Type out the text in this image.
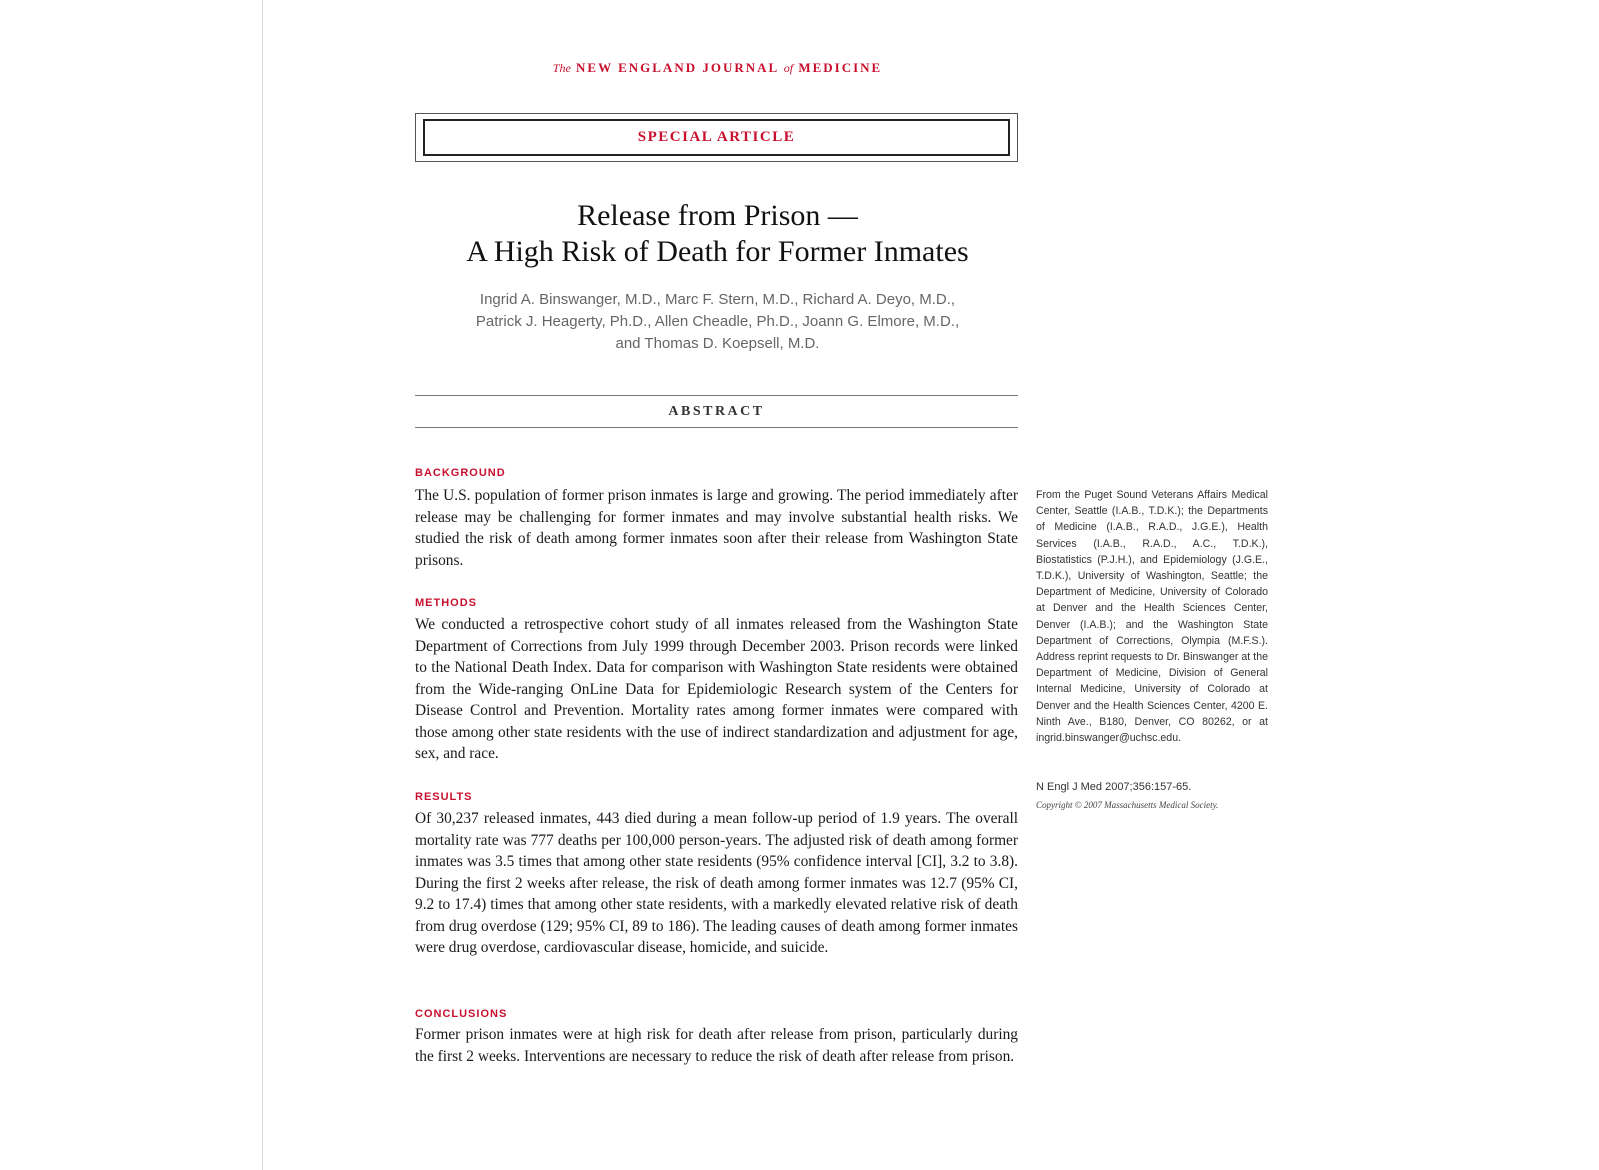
The NEW ENGLAND JOURNAL of MEDICINE
SPECIAL ARTICLE
Release from Prison —
A High Risk of Death for Former Inmates
Ingrid A. Binswanger, M.D., Marc F. Stern, M.D., Richard A. Deyo, M.D.,
Patrick J. Heagerty, Ph.D., Allen Cheadle, Ph.D., Joann G. Elmore, M.D.,
and Thomas D. Koepsell, M.D.
ABSTRACT
BACKGROUND
The U.S. population of former prison inmates is large and growing. The period immediately after release may be challenging for former inmates and may involve substantial health risks. We studied the risk of death among former inmates soon after their release from Washington State prisons.
METHODS
We conducted a retrospective cohort study of all inmates released from the Washington State Department of Corrections from July 1999 through December 2003. Prison records were linked to the National Death Index. Data for comparison with Washington State residents were obtained from the Wide-ranging OnLine Data for Epidemiologic Research system of the Centers for Disease Control and Prevention. Mortality rates among former inmates were compared with those among other state residents with the use of indirect standardization and adjustment for age, sex, and race.
RESULTS
Of 30,237 released inmates, 443 died during a mean follow-up period of 1.9 years. The overall mortality rate was 777 deaths per 100,000 person-years. The adjusted risk of death among former inmates was 3.5 times that among other state residents (95% confidence interval [CI], 3.2 to 3.8). During the first 2 weeks after release, the risk of death among former inmates was 12.7 (95% CI, 9.2 to 17.4) times that among other state residents, with a markedly elevated relative risk of death from drug overdose (129; 95% CI, 89 to 186). The leading causes of death among former inmates were drug overdose, cardiovascular disease, homicide, and suicide.
CONCLUSIONS
Former prison inmates were at high risk for death after release from prison, particularly during the first 2 weeks. Interventions are necessary to reduce the risk of death after release from prison.
From the Puget Sound Veterans Affairs Medical Center, Seattle (I.A.B., T.D.K.); the Departments of Medicine (I.A.B., R.A.D., J.G.E.), Health Services (I.A.B., R.A.D., A.C., T.D.K.), Biostatistics (P.J.H.), and Epidemiology (J.G.E., T.D.K.), University of Washington, Seattle; the Department of Medicine, University of Colorado at Denver and the Health Sciences Center, Denver (I.A.B.); and the Washington State Department of Corrections, Olympia (M.F.S.). Address reprint requests to Dr. Binswanger at the Department of Medicine, Division of General Internal Medicine, University of Colorado at Denver and the Health Sciences Center, 4200 E. Ninth Ave., B180, Denver, CO 80262, or at ingrid.binswanger@uchsc.edu.
N Engl J Med 2007;356:157-65.
Copyright © 2007 Massachusetts Medical Society.
